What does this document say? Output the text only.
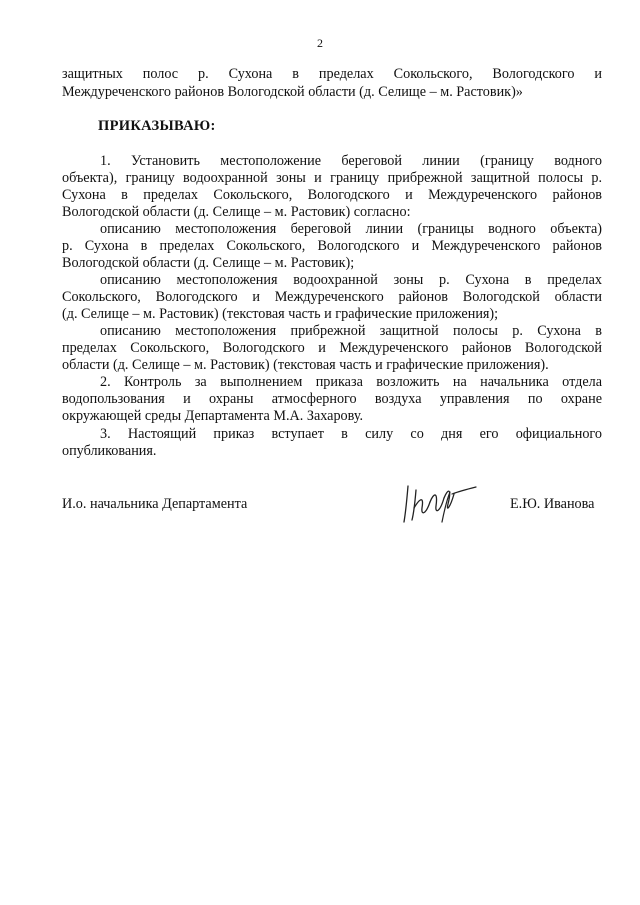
2
защитных полос р. Сухона в пределах Сокольского, Вологодского и
Междуреченского районов Вологодской области (д. Селище – м. Растовик)»
ПРИКАЗЫВАЮ:
1. Установить местоположение береговой линии (границу водного
объекта), границу водоохранной зоны и границу прибрежной защитной полосы р.
Сухона в пределах Сокольского, Вологодского и Междуреченского районов
Вологодской области (д. Селище – м. Растовик) согласно:
описанию местоположения береговой линии (границы водного объекта)
р. Сухона в пределах Сокольского, Вологодского и Междуреченского районов
Вологодской области (д. Селище – м. Растовик);
описанию местоположения водоохранной зоны р. Сухона в пределах
Сокольского, Вологодского и Междуреченского районов Вологодской области
(д. Селище – м. Растовик) (текстовая часть и графические приложения);
описанию местоположения прибрежной защитной полосы р. Сухона в
пределах Сокольского, Вологодского и Междуреченского районов Вологодской
области (д. Селище – м. Растовик) (текстовая часть и графические приложения).
2. Контроль за выполнением приказа возложить на начальника отдела
водопользования и охраны атмосферного воздуха управления по охране
окружающей среды Департамента М.А. Захарову.
3. Настоящий приказ вступает в силу со дня его официального
опубликования.
И.о. начальника Департамента	Е.Ю. Иванова
